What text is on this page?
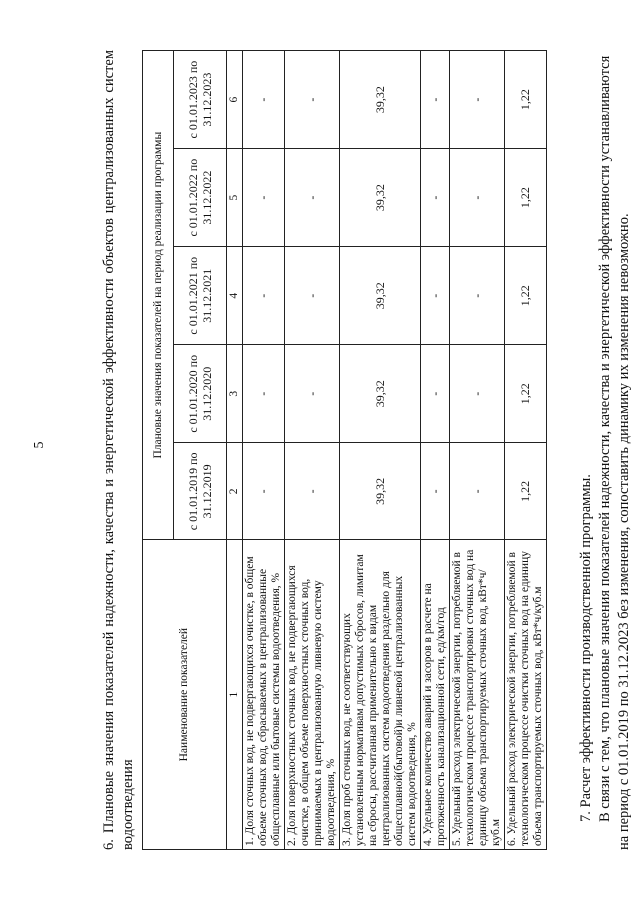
5

6.Плановые значения показателей надежности, качества и энергетической эффективности объектов централизованных систем водоотведения

Наименование показателей	Плановые значения показателей на период реализации программы				
	с 01.01.2019 по 31.12.2019	с 01.01.2020 по 31.12.2020	с 01.01.2021 по 31.12.2021	с 01.01.2022 по 31.12.2022	с 01.01.2023 по 31.12.2023
1	2	3	4	5	6
1. Доля сточных вод, не подвергающихся очистке, в общем объеме сточных вод, сбрасываемых в централизованные общесплавные или бытовые системы водоотведения, %	-	-	-	-	-
2. Доля поверхностных сточных вод, не подвергающихся очистке, в общем объеме поверхностных сточных вод, принимаемых в централизованную ливневую систему водоотведения, %	-	-	-	-	-
3. Доля проб сточных вод, не соответствующих установленным нормативам допустимых сбросов, лимитам на сбросы, рассчитанная применительно к видам централизованных систем водоотведения раздельно для общесплавной(бытовой)и ливневой централизованных систем водоотведения, %	39,32	39,32	39,32	39,32	39,32
4. Удельное количество аварий и засоров в расчете на протяженность канализационной сети, ед/км/год	-	-	-	-	-
5. Удельный расход электрической энергии, потребляемой в технологическом процессе транспортировки сточных вод на единицу объема транспортируемых сточных вод, кВт*ч/куб.м	-	-	-	-	-
6. Удельный расход электрической энергии, потребляемой в технологическом процессе очистки сточных вод на единицу объема транспортируемых сточных вод, кВт*ч/куб.м	1,22	1,22	1,22	1,22	1,22

7. Расчет эффективности производственной программы. В связи с тем, что плановые значения показателей надежности, качества и энергетической эффективности устанавливаются на период с 01.01.2019 по 31.12.2023 без изменения, сопоставить динамику их изменения невозможно.
